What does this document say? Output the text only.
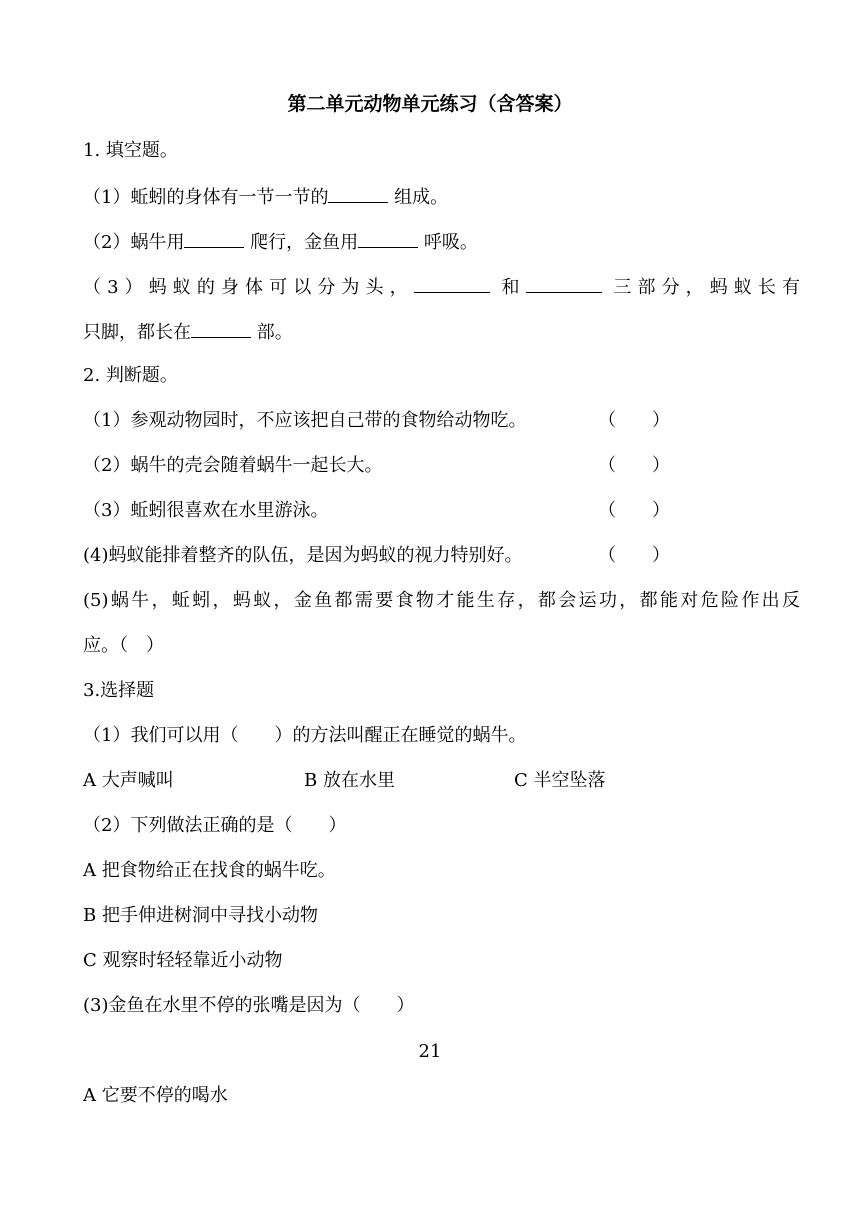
第二单元动物单元练习（含答案）
1. 填空题。
（1）蚯蚓的身体有一节一节的	组成。
（2）蜗牛用	爬行，金鱼用	呼吸。
（3）蚂蚁的身体可以分为头，	和	三部分，蚂蚁长有
只脚，都长在	部。
2. 判断题。
（1）参观动物园时，不应该把自己带的食物给动物吃。	（　　）
（2）蜗牛的壳会随着蜗牛一起长大。	（　　）
（3）蚯蚓很喜欢在水里游泳。	（　　）
(4)蚂蚁能排着整齐的队伍，是因为蚂蚁的视力特别好。	（　　）
(5)蜗牛，蚯蚓，蚂蚁，金鱼都需要食物才能生存，都会运功，都能对危险作出反
应。（　）
3.选择题
（1）我们可以用（　　）的方法叫醒正在睡觉的蜗牛。
A 大声喊叫	B 放在水里	C 半空坠落
（2）下列做法正确的是（　　）
A 把食物给正在找食的蜗牛吃。
B 把手伸进树洞中寻找小动物
C 观察时轻轻靠近小动物
(3)金鱼在水里不停的张嘴是因为（　　）
21
A 它要不停的喝水
